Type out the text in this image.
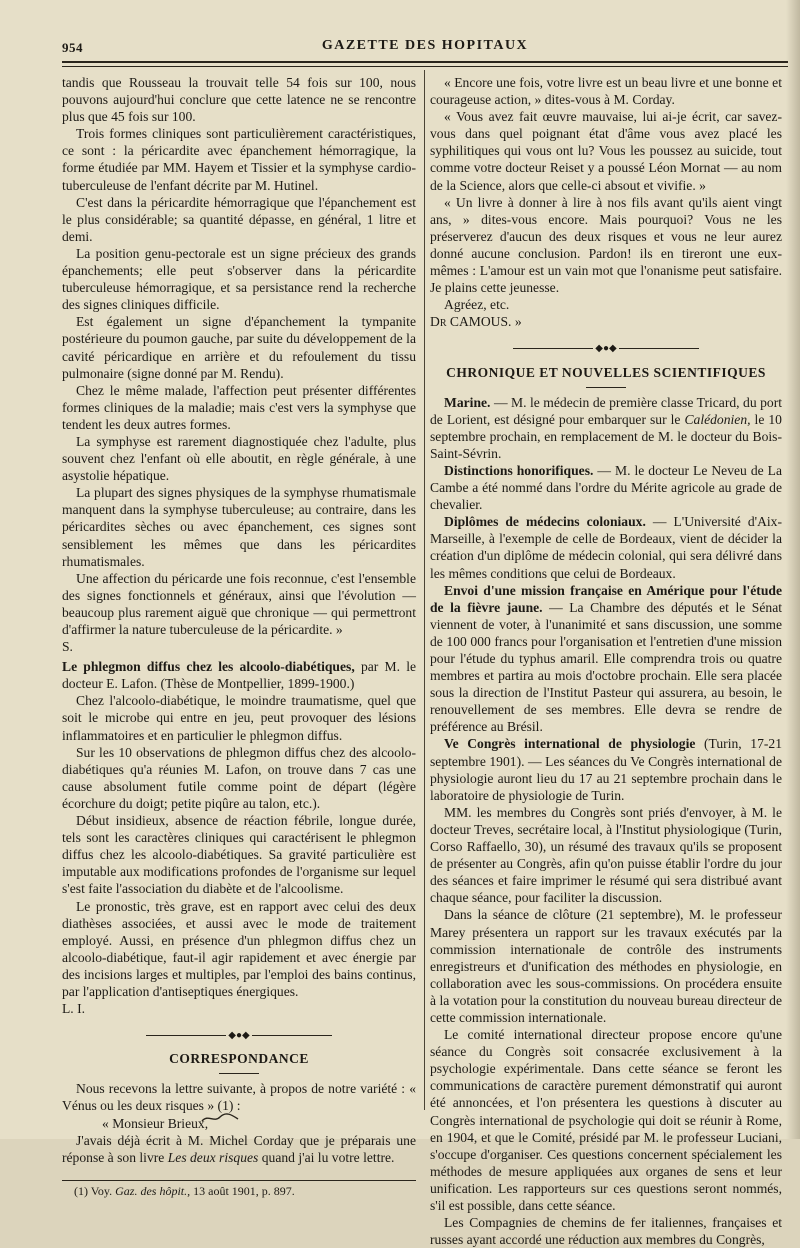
954	GAZETTE DES HOPITAUX

tandis que Rousseau la trouvait telle 54 fois sur 100, nous pouvons aujourd'hui conclure que cette latence ne se rencontre plus que 45 fois sur 100.

Trois formes cliniques sont particulièrement caractéristiques, ce sont : la péricardite avec épanchement hémorragique, la forme étudiée par MM. Hayem et Tissier et la symphyse cardio-tuberculeuse de l'enfant décrite par M. Hutinel.

C'est dans la péricardite hémorragique que l'épanchement est le plus considérable; sa quantité dépasse, en général, 1 litre et demi.

La position genu-pectorale est un signe précieux des grands épanchements; elle peut s'observer dans la péricardite tuberculeuse hémorragique, et sa persistance rend la recherche des signes cliniques difficile.

Est également un signe d'épanchement la tympanite postérieure du poumon gauche, par suite du développement de la cavité péricardique en arrière et du refoulement du tissu pulmonaire (signe donné par M. Rendu).

Chez le même malade, l'affection peut présenter différentes formes cliniques de la maladie; mais c'est vers la symphyse que tendent les deux autres formes.

La symphyse est rarement diagnostiquée chez l'adulte, plus souvent chez l'enfant où elle aboutit, en règle générale, à une asystolie hépatique.

La plupart des signes physiques de la symphyse rhumatismale manquent dans la symphyse tuberculeuse; au contraire, dans les péricardites sèches ou avec épanchement, ces signes sont sensiblement les mêmes que dans les péricardites rhumatismales.

Une affection du péricarde une fois reconnue, c'est l'ensemble des signes fonctionnels et généraux, ainsi que l'évolution — beaucoup plus rarement aiguë que chronique — qui permettront d'affirmer la nature tuberculeuse de la péricardite. »

S.

Le phlegmon diffus chez les alcoolo-diabétiques, par M. le docteur E. Lafon. (Thèse de Montpellier, 1899-1900.)

Chez l'alcoolo-diabétique, le moindre traumatisme, quel que soit le microbe qui entre en jeu, peut provoquer des lésions inflammatoires et en particulier le phlegmon diffus.

Sur les 10 observations de phlegmon diffus chez des alcoolo-diabétiques qu'a réunies M. Lafon, on trouve dans 7 cas une cause absolument futile comme point de départ (légère écorchure du doigt; petite piqûre au talon, etc.).

Début insidieux, absence de réaction fébrile, longue durée, tels sont les caractères cliniques qui caractérisent le phlegmon diffus chez les alcoolo-diabétiques. Sa gravité particulière est imputable aux modifications profondes de l'organisme sur lequel s'est faite l'association du diabète et de l'alcoolisme.

Le pronostic, très grave, est en rapport avec celui des deux diathèses associées, et aussi avec le mode de traitement employé. Aussi, en présence d'un phlegmon diffus chez un alcoolo-diabétique, faut-il agir rapidement et avec énergie par des incisions larges et multiples, par l'emploi des bains continus, par l'application d'antiseptiques énergiques.

L. I.

◆●◆
CORRESPONDANCE

Nous recevons la lettre suivante, à propos de notre variété : « Vénus ou les deux risques » (1) :

« Monsieur Brieux,

J'avais déjà écrit à M. Michel Corday que je préparais une réponse à son livre Les deux risques quand j'ai lu votre lettre.

(1) Voy. Gaz. des hôpit., 13 août 1901, p. 897.

« Encore une fois, votre livre est un beau livre et une bonne et courageuse action, » dites-vous à M. Corday.

« Vous avez fait œuvre mauvaise, lui ai-je écrit, car savez-vous dans quel poignant état d'âme vous avez placé les syphilitiques qui vous ont lu? Vous les poussez au suicide, tout comme votre docteur Reiset y a poussé Léon Mornat — au nom de la Science, alors que celle-ci absout et vivifie. »

« Un livre à donner à lire à nos fils avant qu'ils aient vingt ans, » dites-vous encore. Mais pourquoi? Vous ne les préserverez d'aucun des deux risques et vous ne leur aurez donné aucune conclusion. Pardon! ils en tireront une eux-mêmes : L'amour est un vain mot que l'onanisme peut satisfaire. Je plains cette jeunesse.

Agréez, etc.

Dr CAMOUS. »

◆●◆
CHRONIQUE ET NOUVELLES SCIENTIFIQUES

Marine. — M. le médecin de première classe Tricard, du port de Lorient, est désigné pour embarquer sur le Calédonien, le 10 septembre prochain, en remplacement de M. le docteur du Bois-Saint-Sévrin.

Distinctions honorifiques. — M. le docteur Le Neveu de La Cambe a été nommé dans l'ordre du Mérite agricole au grade de chevalier.

Diplômes de médecins coloniaux. — L'Université d'Aix-Marseille, à l'exemple de celle de Bordeaux, vient de décider la création d'un diplôme de médecin colonial, qui sera délivré dans les mêmes conditions que celui de Bordeaux.

Envoi d'une mission française en Amérique pour l'étude de la fièvre jaune. — La Chambre des députés et le Sénat viennent de voter, à l'unanimité et sans discussion, une somme de 100 000 francs pour l'organisation et l'entretien d'une mission pour l'étude du typhus amaril. Elle comprendra trois ou quatre membres et partira au mois d'octobre prochain. Elle sera placée sous la direction de l'Institut Pasteur qui assurera, au besoin, le renouvellement de ses membres. Elle devra se rendre de préférence au Brésil.

Ve Congrès international de physiologie (Turin, 17-21 septembre 1901). — Les séances du Ve Congrès international de physiologie auront lieu du 17 au 21 septembre prochain dans le laboratoire de physiologie de Turin.

MM. les membres du Congrès sont priés d'envoyer, à M. le docteur Treves, secrétaire local, à l'Institut physiologique (Turin, Corso Raffaello, 30), un résumé des travaux qu'ils se proposent de présenter au Congrès, afin qu'on puisse établir l'ordre du jour des séances et faire imprimer le résumé qui sera distribué avant chaque séance, pour faciliter la discussion.

Dans la séance de clôture (21 septembre), M. le professeur Marey présentera un rapport sur les travaux exécutés par la commission internationale de contrôle des instruments enregistreurs et d'unification des méthodes en physiologie, en collaboration avec les sous-commissions. On procédera ensuite à la votation pour la constitution du nouveau bureau directeur de cette commission internationale.

Le comité international directeur propose encore qu'une séance du Congrès soit consacrée exclusivement à la psychologie expérimentale. Dans cette séance se feront les communications de caractère purement démonstratif qui auront été annoncées, et l'on présentera les questions à discuter au Congrès international de psychologie qui doit se réunir à Rome, en 1904, et que le Comité, présidé par M. le professeur Luciani, s'occupe d'organiser. Ces questions concernent spécialement les méthodes de mesure appliquées aux organes de sens et leur unification. Les rapporteurs sur ces questions seront nommés, s'il est possible, dans cette séance.

Les Compagnies de chemins de fer italiennes, françaises et russes ayant accordé une réduction aux membres du Congrès,
